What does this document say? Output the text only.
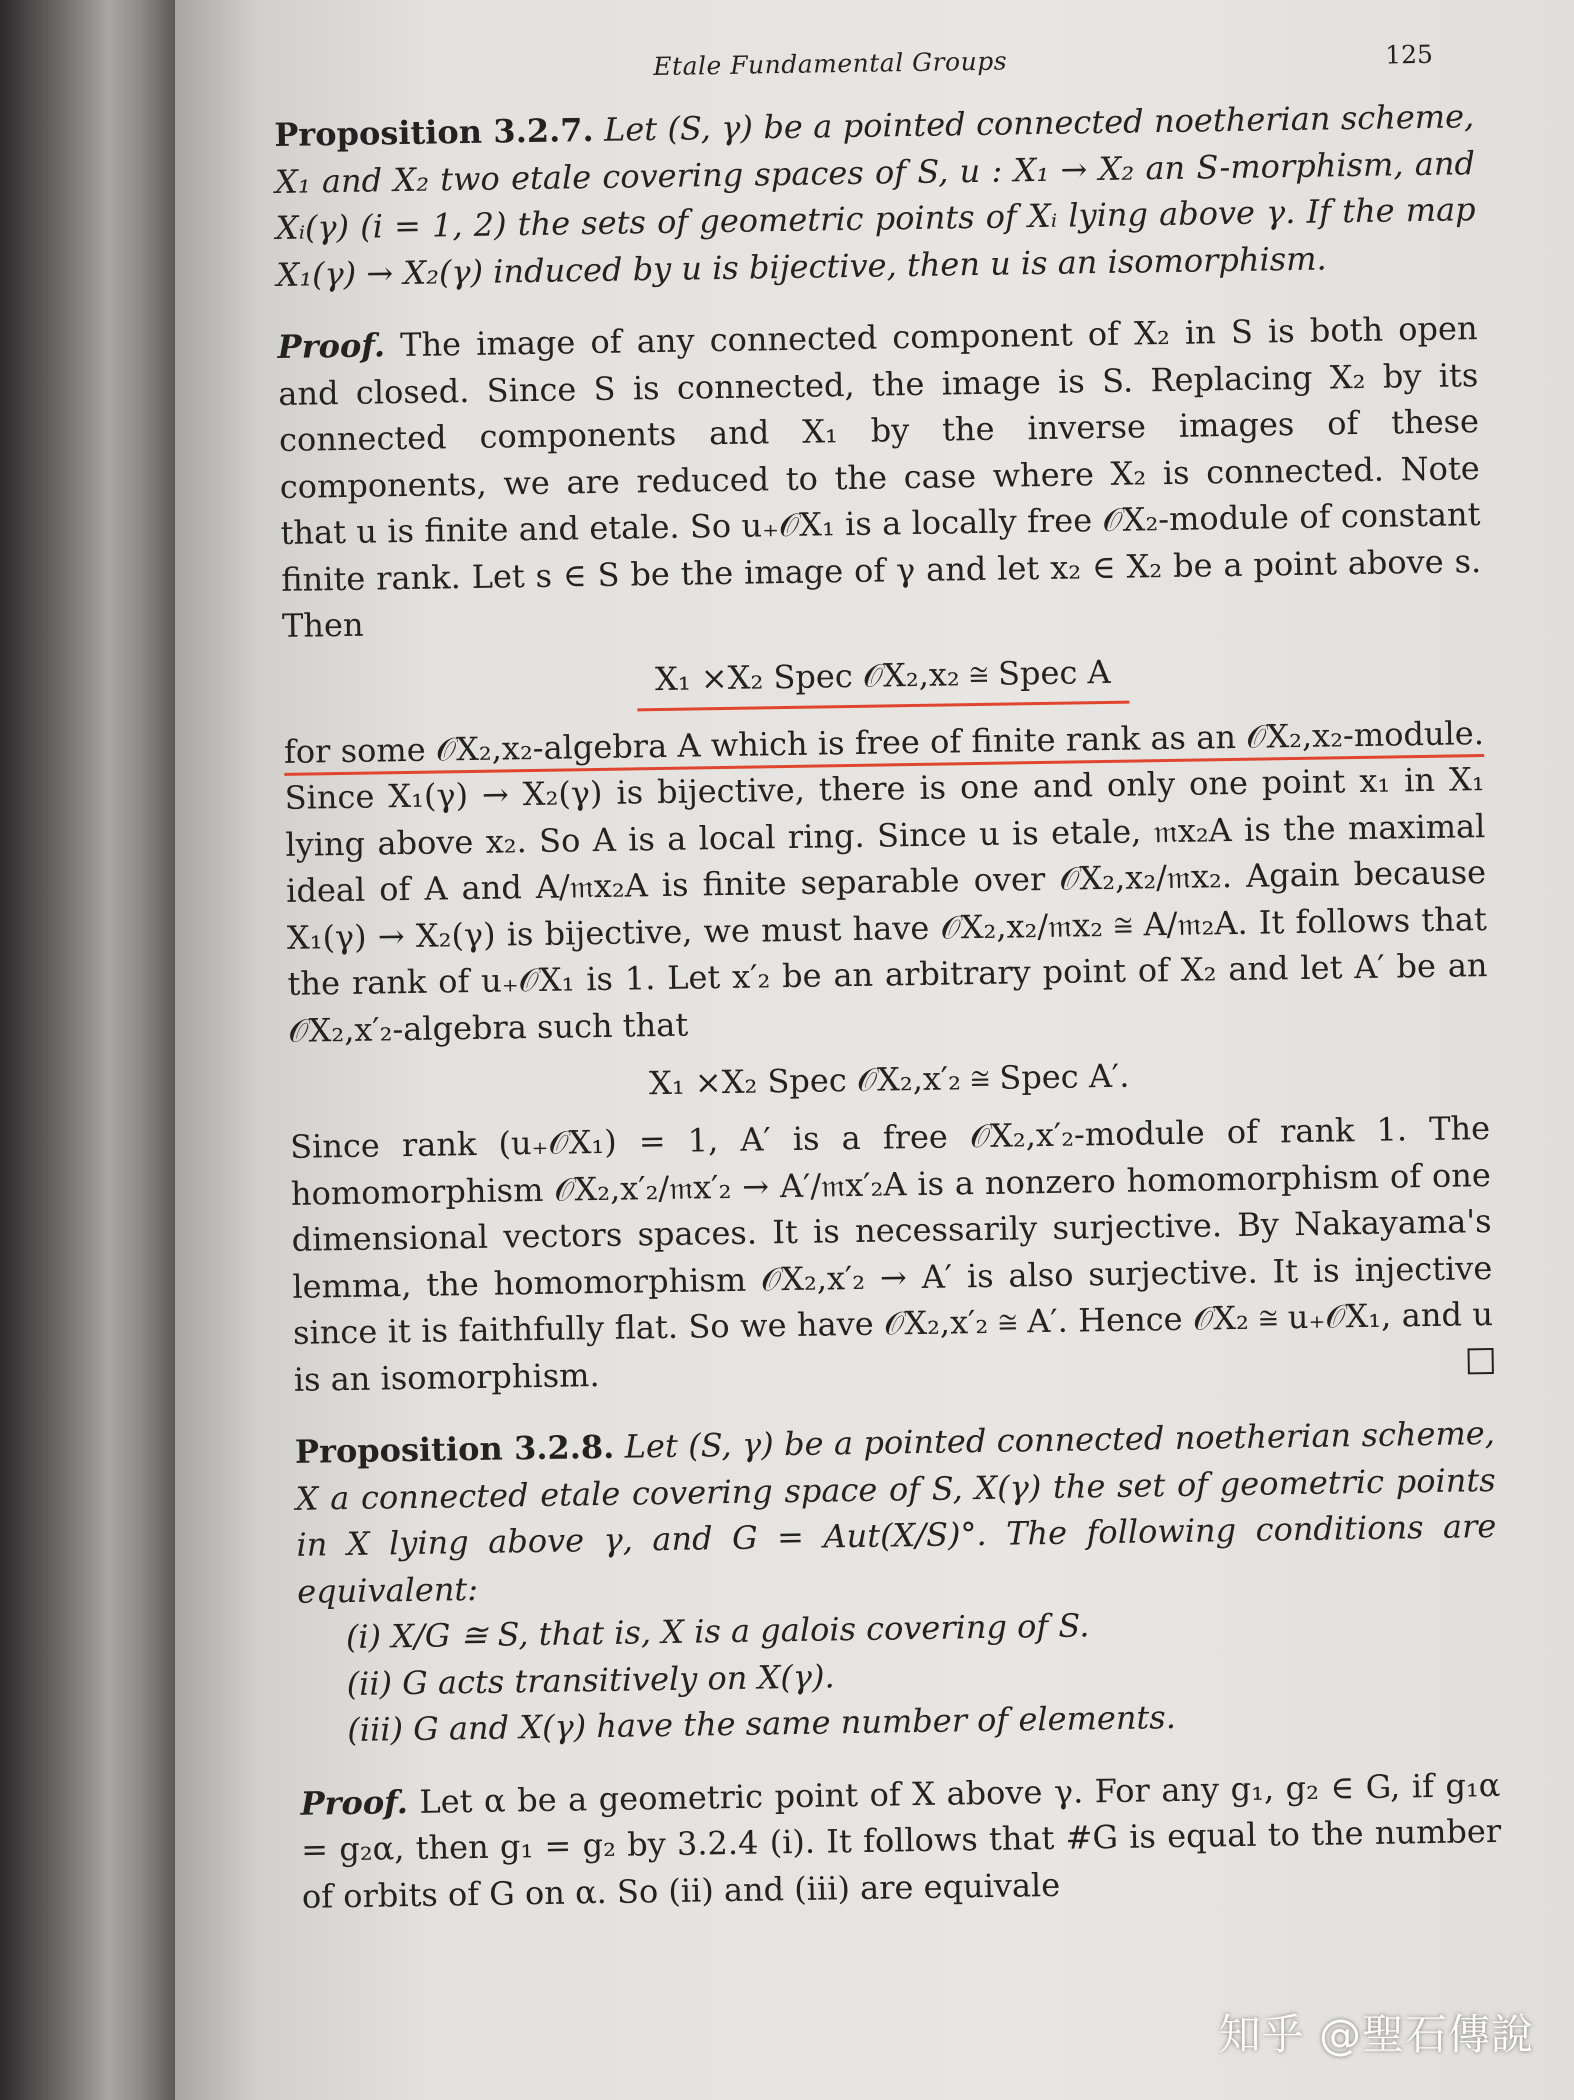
Etale Fundamental Groups	125

Proposition 3.2.7. Let (S, γ) be a pointed connected noetherian scheme, X₁ and X₂ two etale covering spaces of S, u : X₁ → X₂ an S-morphism, and Xᵢ(γ) (i = 1, 2) the sets of geometric points of Xᵢ lying above γ. If the map X₁(γ) → X₂(γ) induced by u is bijective, then u is an isomorphism.

Proof. The image of any connected component of X₂ in S is both open and closed. Since S is connected, the image is S. Replacing X₂ by its connected components and X₁ by the inverse images of these components, we are reduced to the case where X₂ is connected. Note that u is finite and etale. So u₊𝒪X₁ is a locally free 𝒪X₂-module of constant finite rank. Let s ∈ S be the image of γ and let x₂ ∈ X₂ be a point above s. Then

X₁ ×X₂ Spec 𝒪X₂,x₂ ≅ Spec A

for some 𝒪X₂,x₂-algebra A which is free of finite rank as an 𝒪X₂,x₂-module. Since X₁(γ) → X₂(γ) is bijective, there is one and only one point x₁ in X₁ lying above x₂. So A is a local ring. Since u is etale, 𝔪x₂A is the maximal ideal of A and A/𝔪x₂A is finite separable over 𝒪X₂,x₂/𝔪x₂. Again because X₁(γ) → X₂(γ) is bijective, we must have 𝒪X₂,x₂/𝔪x₂ ≅ A/𝔪₂A. It follows that the rank of u₊𝒪X₁ is 1. Let x′₂ be an arbitrary point of X₂ and let A′ be an 𝒪X₂,x′₂-algebra such that

X₁ ×X₂ Spec 𝒪X₂,x′₂ ≅ Spec A′.

Since rank (u₊𝒪X₁) = 1, A′ is a free 𝒪X₂,x′₂-module of rank 1. The homomorphism 𝒪X₂,x′₂/𝔪x′₂ → A′/𝔪x′₂A is a nonzero homomorphism of one dimensional vectors spaces. It is necessarily surjective. By Nakayama's lemma, the homomorphism 𝒪X₂,x′₂ → A′ is also surjective. It is injective since it is faithfully flat. So we have 𝒪X₂,x′₂ ≅ A′. Hence 𝒪X₂ ≅ u₊𝒪X₁, and u is an isomorphism.

Proposition 3.2.8. Let (S, γ) be a pointed connected noetherian scheme, X a connected etale covering space of S, X(γ) the set of geometric points in X lying above γ, and G = Aut(X/S)°. The following conditions are equivalent:

(i) X/G ≅ S, that is, X is a galois covering of S.

(ii) G acts transitively on X(γ).

(iii) G and X(γ) have the same number of elements.

Proof. Let α be a geometric point of X above γ. For any g₁, g₂ ∈ G, if g₁α = g₂α, then g₁ = g₂ by 3.2.4 (i). It follows that #G is equal to the number of orbits of G on α. So (ii) and (iii) are equivale

知乎 @聖石傳說
